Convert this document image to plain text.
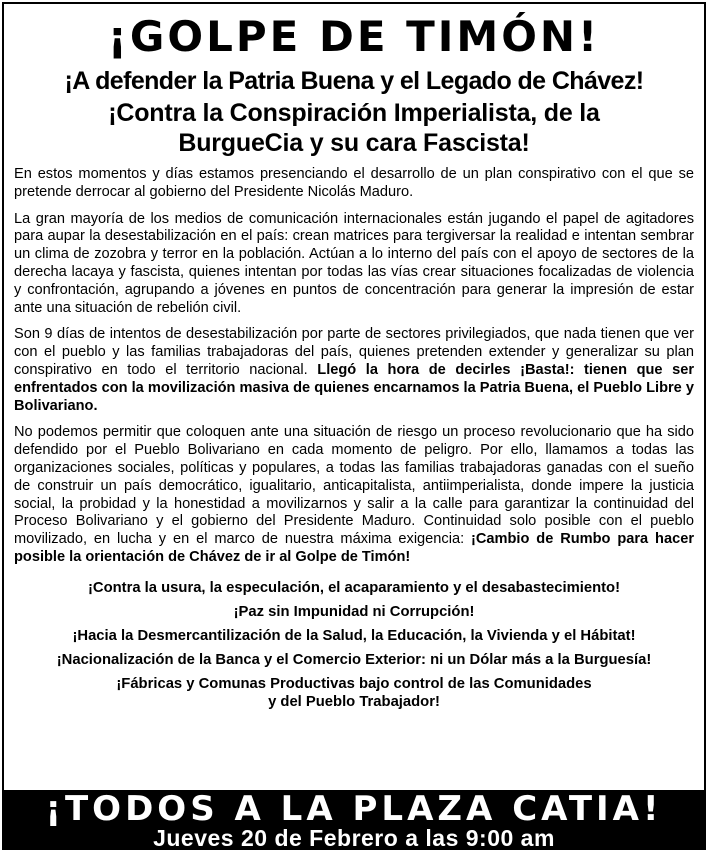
¡GOLPE DE TIMÓN!
¡A defender la Patria Buena y el Legado de Chávez!
¡Contra la Conspiración Imperialista, de la BurgueCia y su cara Fascista!

En estos momentos y días estamos presenciando el desarrollo de un plan conspirativo con el que se pretende derrocar al gobierno del Presidente Nicolás Maduro.

La gran mayoría de los medios de comunicación internacionales están jugando el papel de agitadores para aupar la desestabilización en el país: crean matrices para tergiversar la realidad e intentan sembrar un clima de zozobra y terror en la población. Actúan a lo interno del país con el apoyo de sectores de la derecha lacaya y fascista, quienes intentan por todas las vías crear situaciones focalizadas de violencia y confrontación, agrupando a jóvenes en puntos de concentración para generar la impresión de estar ante una situación de rebelión civil.

Son 9 días de intentos de desestabilización por parte de sectores privilegiados, que nada tienen que ver con el pueblo y las familias trabajadoras del país, quienes pretenden extender y generalizar su plan conspirativo en todo el territorio nacional. Llegó la hora de decirles ¡Basta!: tienen que ser enfrentados con la movilización masiva de quienes encarnamos la Patria Buena, el Pueblo Libre y Bolivariano.

No podemos permitir que coloquen ante una situación de riesgo un proceso revolucionario que ha sido defendido por el Pueblo Bolivariano en cada momento de peligro. Por ello, llamamos a todas las organizaciones sociales, políticas y populares, a todas las familias trabajadoras ganadas con el sueño de construir un país democrático, igualitario, anticapitalista, antiimperialista, donde impere la justicia social, la probidad y la honestidad a movilizarnos y salir a la calle para garantizar la continuidad del Proceso Bolivariano y el gobierno del Presidente Maduro. Continuidad solo posible con el pueblo movilizado, en lucha y en el marco de nuestra máxima exigencia: ¡Cambio de Rumbo para hacer posible la orientación de Chávez de ir al Golpe de Timón!

¡Contra la usura, la especulación, el acaparamiento y el desabastecimiento!
¡Paz sin Impunidad ni Corrupción!
¡Hacia la Desmercantilización de la Salud, la Educación, la Vivienda y el Hábitat!
¡Nacionalización de la Banca y el Comercio Exterior: ni un Dólar más a la Burguesía!
¡Fábricas y Comunas Productivas bajo control de las Comunidades
y del Pueblo Trabajador!
¡TODOS A LA PLAZA CATIA!
Jueves 20 de Febrero a las 9:00 am
